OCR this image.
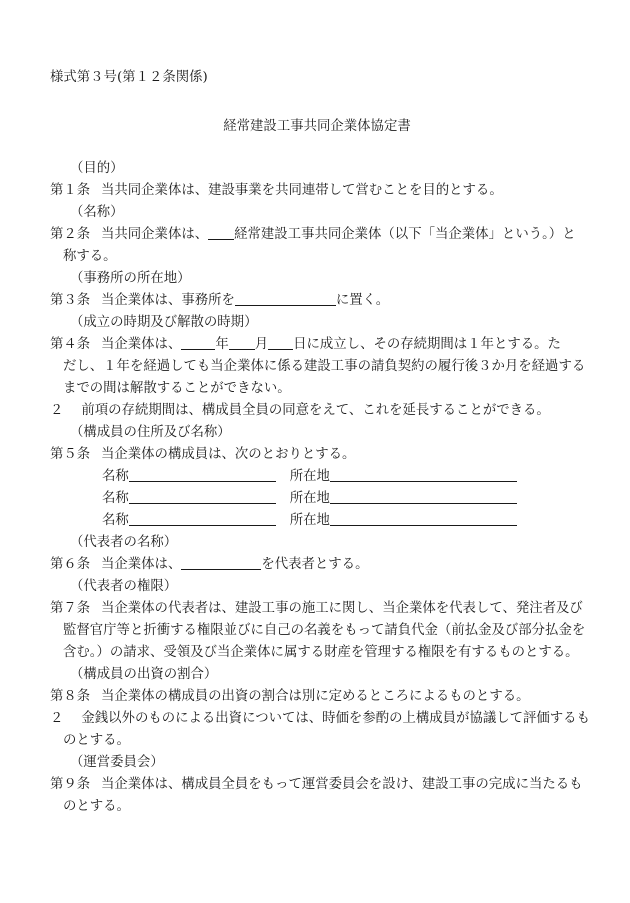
様式第３号(第１２条関係)
経常建設工事共同企業体協定書
（目的）
第１条 当共同企業体は、建設事業を共同連帯して営むことを目的とする。
（名称）
第２条 当共同企業体は、 経常建設工事共同企業体（以下「当企業体」という。）と
称する。
（事務所の所在地）
第３条 当企業体は、事務所を	に置く。
（成立の時期及び解散の時期）
第４条 当企業体は、	年 月 日に成立し、その存続期間は１年とする。た
だし、１年を経過しても当企業体に係る建設工事の請負契約の履行後３か月を経過する
までの間は解散することができない。
２ 前項の存続期間は、構成員全員の同意をえて、これを延長することができる。
（構成員の住所及び名称）
第５条 当企業体の構成員は、次のとおりとする。
名称	所在地
名称	所在地
名称	所在地
（代表者の名称）
第６条 当企業体は、	を代表者とする。
（代表者の権限）
第７条 当企業体の代表者は、建設工事の施工に関し、当企業体を代表して、発注者及び
監督官庁等と折衝する権限並びに自己の名義をもって請負代金（前払金及び部分払金を
含む。）の請求、受領及び当企業体に属する財産を管理する権限を有するものとする。
（構成員の出資の割合）
第８条 当企業体の構成員の出資の割合は別に定めるところによるものとする。
２ 金銭以外のものによる出資については、時価を参酌の上構成員が協議して評価するも
のとする。
（運営委員会）
第９条 当企業体は、構成員全員をもって運営委員会を設け、建設工事の完成に当たるも
のとする。
